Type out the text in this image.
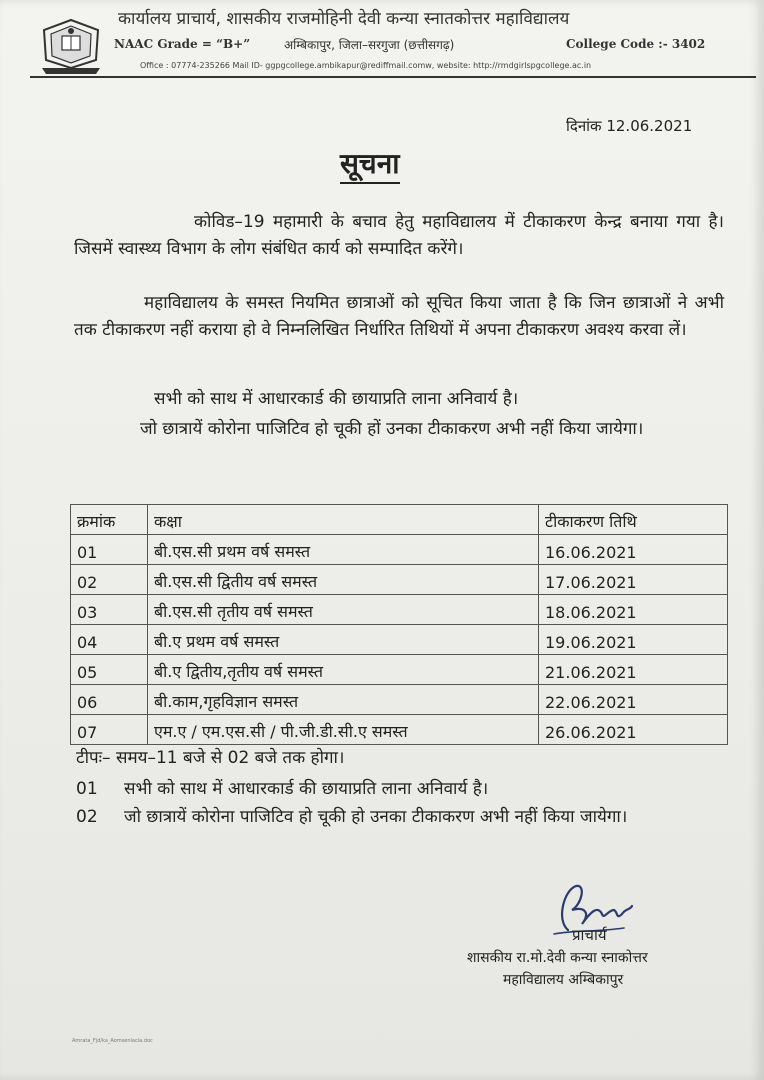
कार्यालय प्राचार्य, शासकीय राजमोहिनी देवी कन्या स्नातकोत्तर महाविद्यालय
NAAC Grade = “B+”	अम्बिकापुर, जिला–सरगुजा (छत्तीसगढ़)	College Code :- 3402
Office : 07774-235266 Mail ID- ggpgcollege.ambikapur@rediffmail.comw, website: http://rmdgirlspgcollege.ac.in
दिनांक 12.06.2021
सूचना
कोविड–19 महामारी के बचाव हेतु महाविद्यालय में टीकाकरण केन्द्र बनाया गया है। जिसमें स्वास्थ्य विभाग के लोग संबंधित कार्य को सम्पादित करेंगे।
महाविद्यालय के समस्त नियमित छात्राओं को सूचित किया जाता है कि जिन छात्राओं ने अभी तक टीकाकरण नहीं कराया हो वे निम्नलिखित निर्धारित तिथियों में अपना टीकाकरण अवश्य करवा लें।
सभी को साथ में आधारकार्ड की छायाप्रति लाना अनिवार्य है।
जो छात्रायें कोरोना पाजिटिव हो चूकी हों उनका टीकाकरण अभी नहीं किया जायेगा।
क्रमांक	कक्षा	टीकाकरण तिथि
01	बी.एस.सी प्रथम वर्ष समस्त	16.06.2021
02	बी.एस.सी द्वितीय वर्ष समस्त	17.06.2021
03	बी.एस.सी तृतीय वर्ष समस्त	18.06.2021
04	बी.ए प्रथम वर्ष समस्त	19.06.2021
05	बी.ए द्वितीय,तृतीय वर्ष समस्त	21.06.2021
06	बी.काम,गृहविज्ञान समस्त	22.06.2021
07	एम.ए / एम.एस.सी / पी.जी.डी.सी.ए समस्त	26.06.2021
टीपः– समय–11 बजे से 02 बजे तक होगा।
01	सभी को साथ में आधारकार्ड की छायाप्रति लाना अनिवार्य है।
02	जो छात्रायें कोरोना पाजिटिव हो चूकी हो उनका टीकाकरण अभी नहीं किया जायेगा।
प्राचार्य
शासकीय रा.मो.देवी कन्या स्नाकोत्तर
महाविद्यालय अम्बिकापुर
Amrata_Fjd/ka_Aomsenlacia.doc
